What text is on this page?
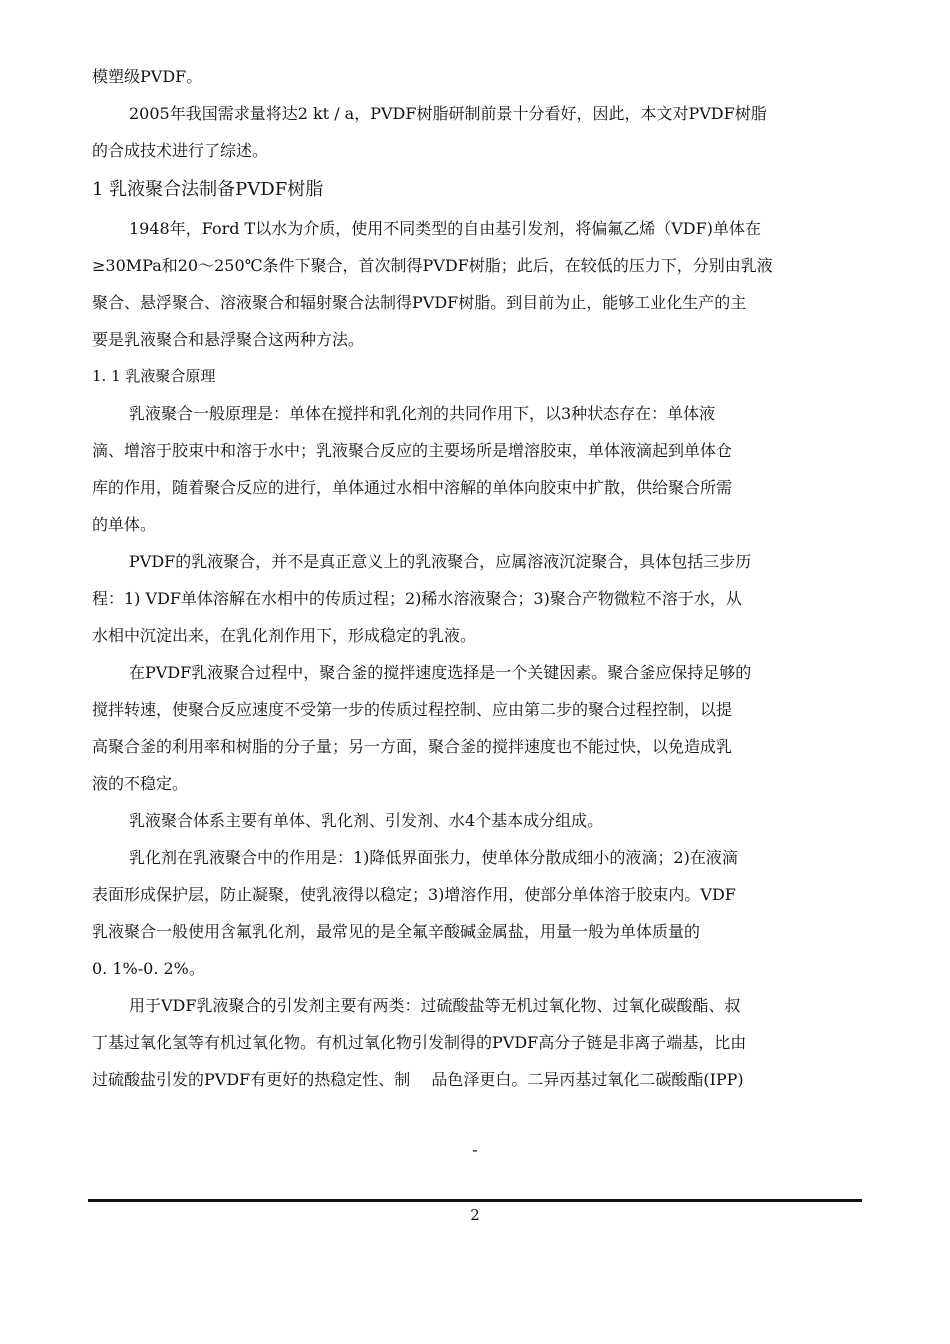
模塑级PVDF。
2005年我国需求量将达2 kt / a，PVDF树脂研制前景十分看好，因此，本文对PVDF树脂
的合成技术进行了综述。
1 乳液聚合法制备PVDF树脂
1948年，Ford T以水为介质，使用不同类型的自由基引发剂，将偏氟乙烯（VDF)单体在
≥30MPa和20～250℃条件下聚合，首次制得PVDF树脂；此后，在较低的压力下，分别由乳液
聚合、悬浮聚合、溶液聚合和辐射聚合法制得PVDF树脂。到目前为止，能够工业化生产的主
要是乳液聚合和悬浮聚合这两种方法。
1. 1 乳液聚合原理
乳液聚合一般原理是：单体在搅拌和乳化剂的共同作用下，以3种状态存在：单体液
滴、增溶于胶束中和溶于水中；乳液聚合反应的主要场所是增溶胶束，单体液滴起到单体仓
库的作用，随着聚合反应的进行，单体通过水相中溶解的单体向胶束中扩散，供给聚合所需
的单体。
PVDF的乳液聚合，并不是真正意义上的乳液聚合，应属溶液沉淀聚合，具体包括三步历
程：1) VDF单体溶解在水相中的传质过程；2)稀水溶液聚合；3)聚合产物微粒不溶于水，从
水相中沉淀出来，在乳化剂作用下，形成稳定的乳液。
在PVDF乳液聚合过程中，聚合釜的搅拌速度选择是一个关键因素。聚合釜应保持足够的
搅拌转速，使聚合反应速度不受第一步的传质过程控制、应由第二步的聚合过程控制，以提
高聚合釜的利用率和树脂的分子量；另一方面，聚合釜的搅拌速度也不能过快，以免造成乳
液的不稳定。
乳液聚合体系主要有单体、乳化剂、引发剂、水4个基本成分组成。
乳化剂在乳液聚合中的作用是：1)降低界面张力，使单体分散成细小的液滴；2)在液滴
表面形成保护层，防止凝聚，使乳液得以稳定；3)增溶作用，使部分单体溶于胶束内。VDF
乳液聚合一般使用含氟乳化剂，最常见的是全氟辛酸碱金属盐，用量一般为单体质量的
0. 1%-0. 2%。
用于VDF乳液聚合的引发剂主要有两类：过硫酸盐等无机过氧化物、过氧化碳酸酯、叔
丁基过氧化氢等有机过氧化物。有机过氧化物引发制得的PVDF高分子链是非离子端基，比由
过硫酸盐引发的PVDF有更好的热稳定性、制　 品色泽更白。二异丙基过氧化二碳酸酯(IPP)
-
2
